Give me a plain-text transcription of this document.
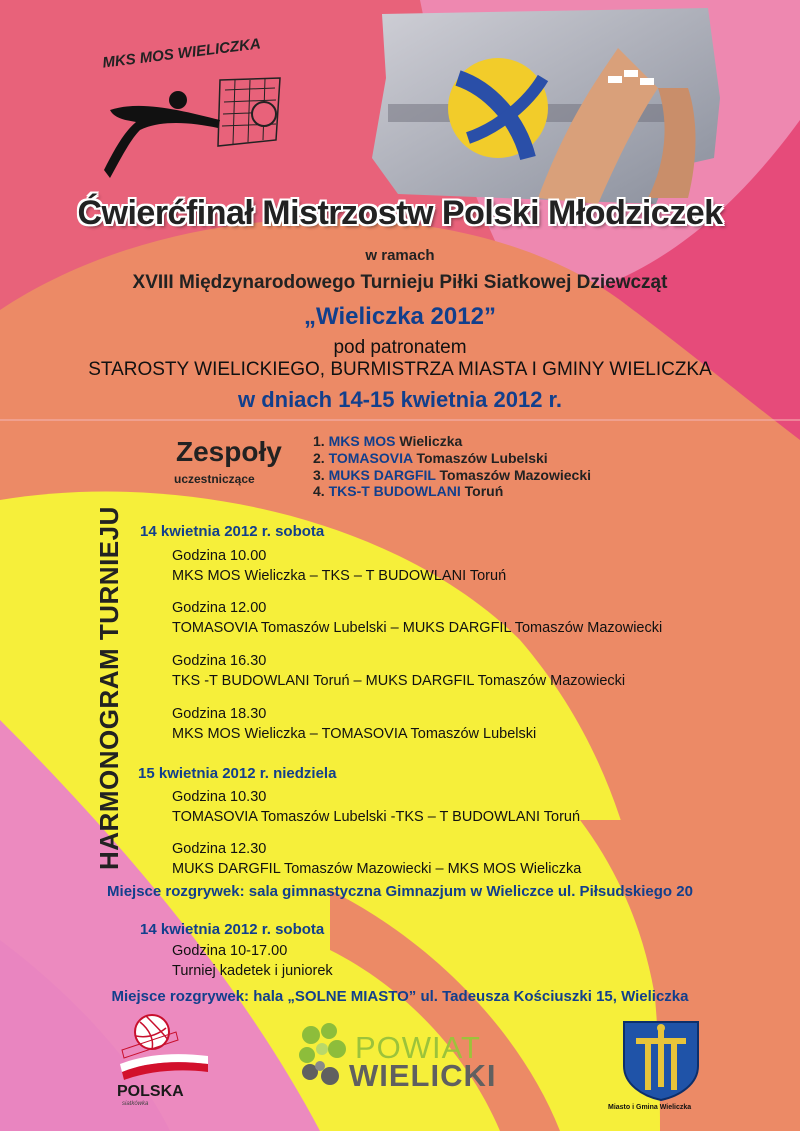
MKS MOS WIELICZKA
Ćwierćfinał Mistrzostw Polski Młodziczek
w ramach
XVIII Międzynarodowego Turnieju Piłki Siatkowej Dziewcząt
„Wieliczka 2012”
pod patronatem
STAROSTY WIELICKIEGO, BURMISTRZA MIASTA I GMINY WIELICZKA
w dniach 14-15 kwietnia 2012 r.
Zespoły
uczestniczące
1. MKS MOS Wieliczka
2. TOMASOVIA Tomaszów Lubelski
3. MUKS DARGFIL Tomaszów Mazowiecki
4. TKS-T BUDOWLANI Toruń
HARMONOGRAM TURNIEJU 14 kwietnia 2012 r. sobota
Godzina 10.00
MKS MOS Wieliczka – TKS – T BUDOWLANI Toruń
Godzina 12.00
TOMASOVIA Tomaszów Lubelski – MUKS DARGFIL Tomaszów Mazowiecki
Godzina 16.30
TKS -T BUDOWLANI Toruń – MUKS DARGFIL Tomaszów Mazowiecki
Godzina 18.30
MKS MOS Wieliczka – TOMASOVIA Tomaszów Lubelski
15 kwietnia 2012 r. niedziela
Godzina 10.30
TOMASOVIA Tomaszów Lubelski -TKS – T BUDOWLANI Toruń
Godzina 12.30
MUKS DARGFIL Tomaszów Mazowiecki – MKS MOS Wieliczka
Miejsce rozgrywek: sala gimnastyczna Gimnazjum w Wieliczce ul. Piłsudskiego 20
14 kwietnia 2012 r. sobota
Godzina 10-17.00
Turniej kadetek i juniorek
Miejsce rozgrywek: hala „SOLNE MIASTO” ul. Tadeusza Kościuszki 15, Wieliczka
POLSKA
siatkówka
POWIAT
WIELICKI
Miasto i Gmina Wieliczka
